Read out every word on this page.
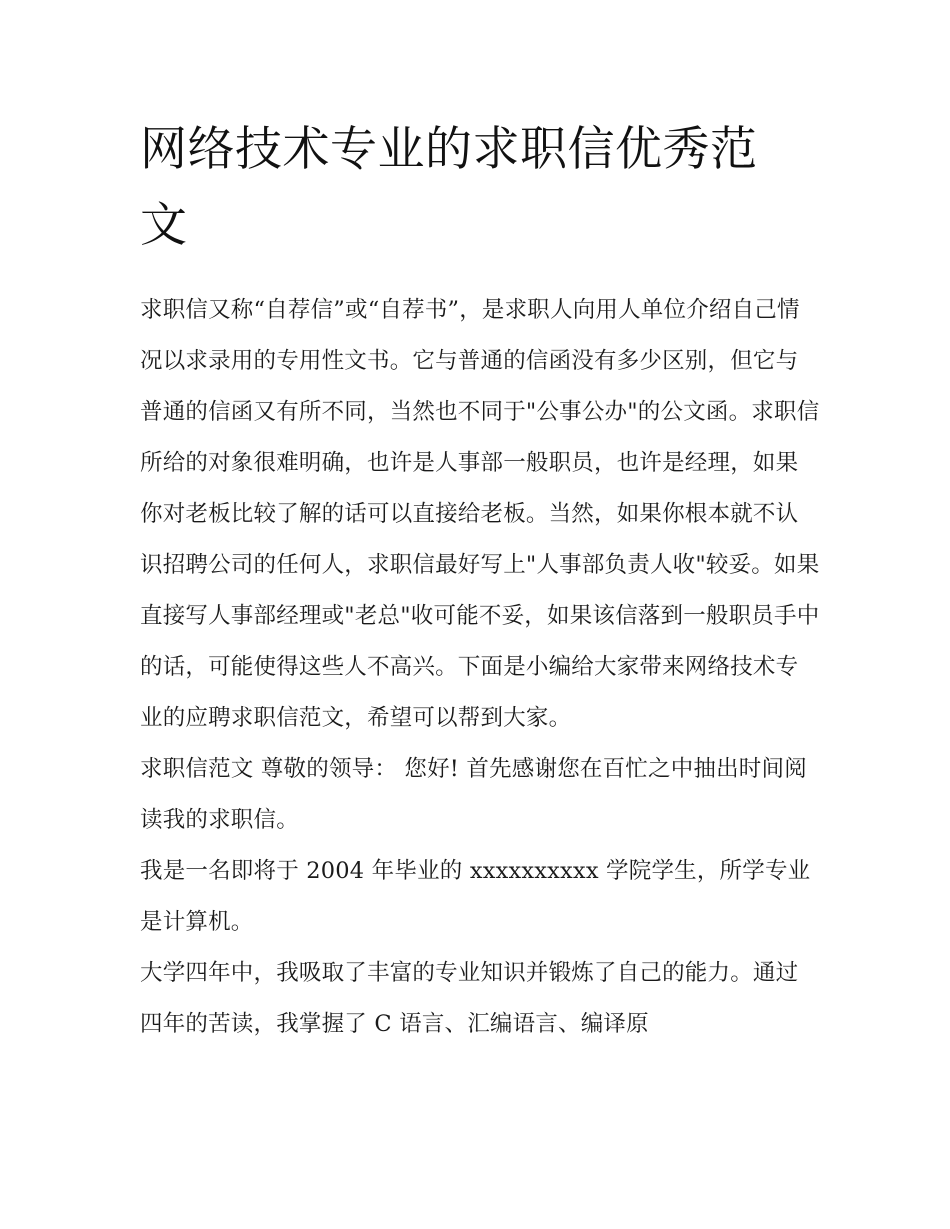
网络技术专业的求职信优秀范文

求职信又称“自荐信”或“自荐书”，是求职人向用人单位介绍自己情况以求录用的专用性文书。它与普通的信函没有多少区别，但它与普通的信函又有所不同，当然也不同于"公事公办"的公文函。求职信所给的对象很难明确，也许是人事部一般职员，也许是经理，如果你对老板比较了解的话可以直接给老板。当然，如果你根本就不认识招聘公司的任何人，求职信最好写上"人事部负责人收"较妥。如果直接写人事部经理或"老总"收可能不妥，如果该信落到一般职员手中的话，可能使得这些人不高兴。下面是小编给大家带来网络技术专业的应聘求职信范文，希望可以帮到大家。

求职信范文 尊敬的领导： 您好! 首先感谢您在百忙之中抽出时间阅读我的求职信。

我是一名即将于 2004 年毕业的 xxxxxxxxxx 学院学生，所学专业是计算机。

大学四年中，我吸取了丰富的专业知识并锻炼了自己的能力。通过四年的苦读，我掌握了 C 语言、汇编语言、编译原
